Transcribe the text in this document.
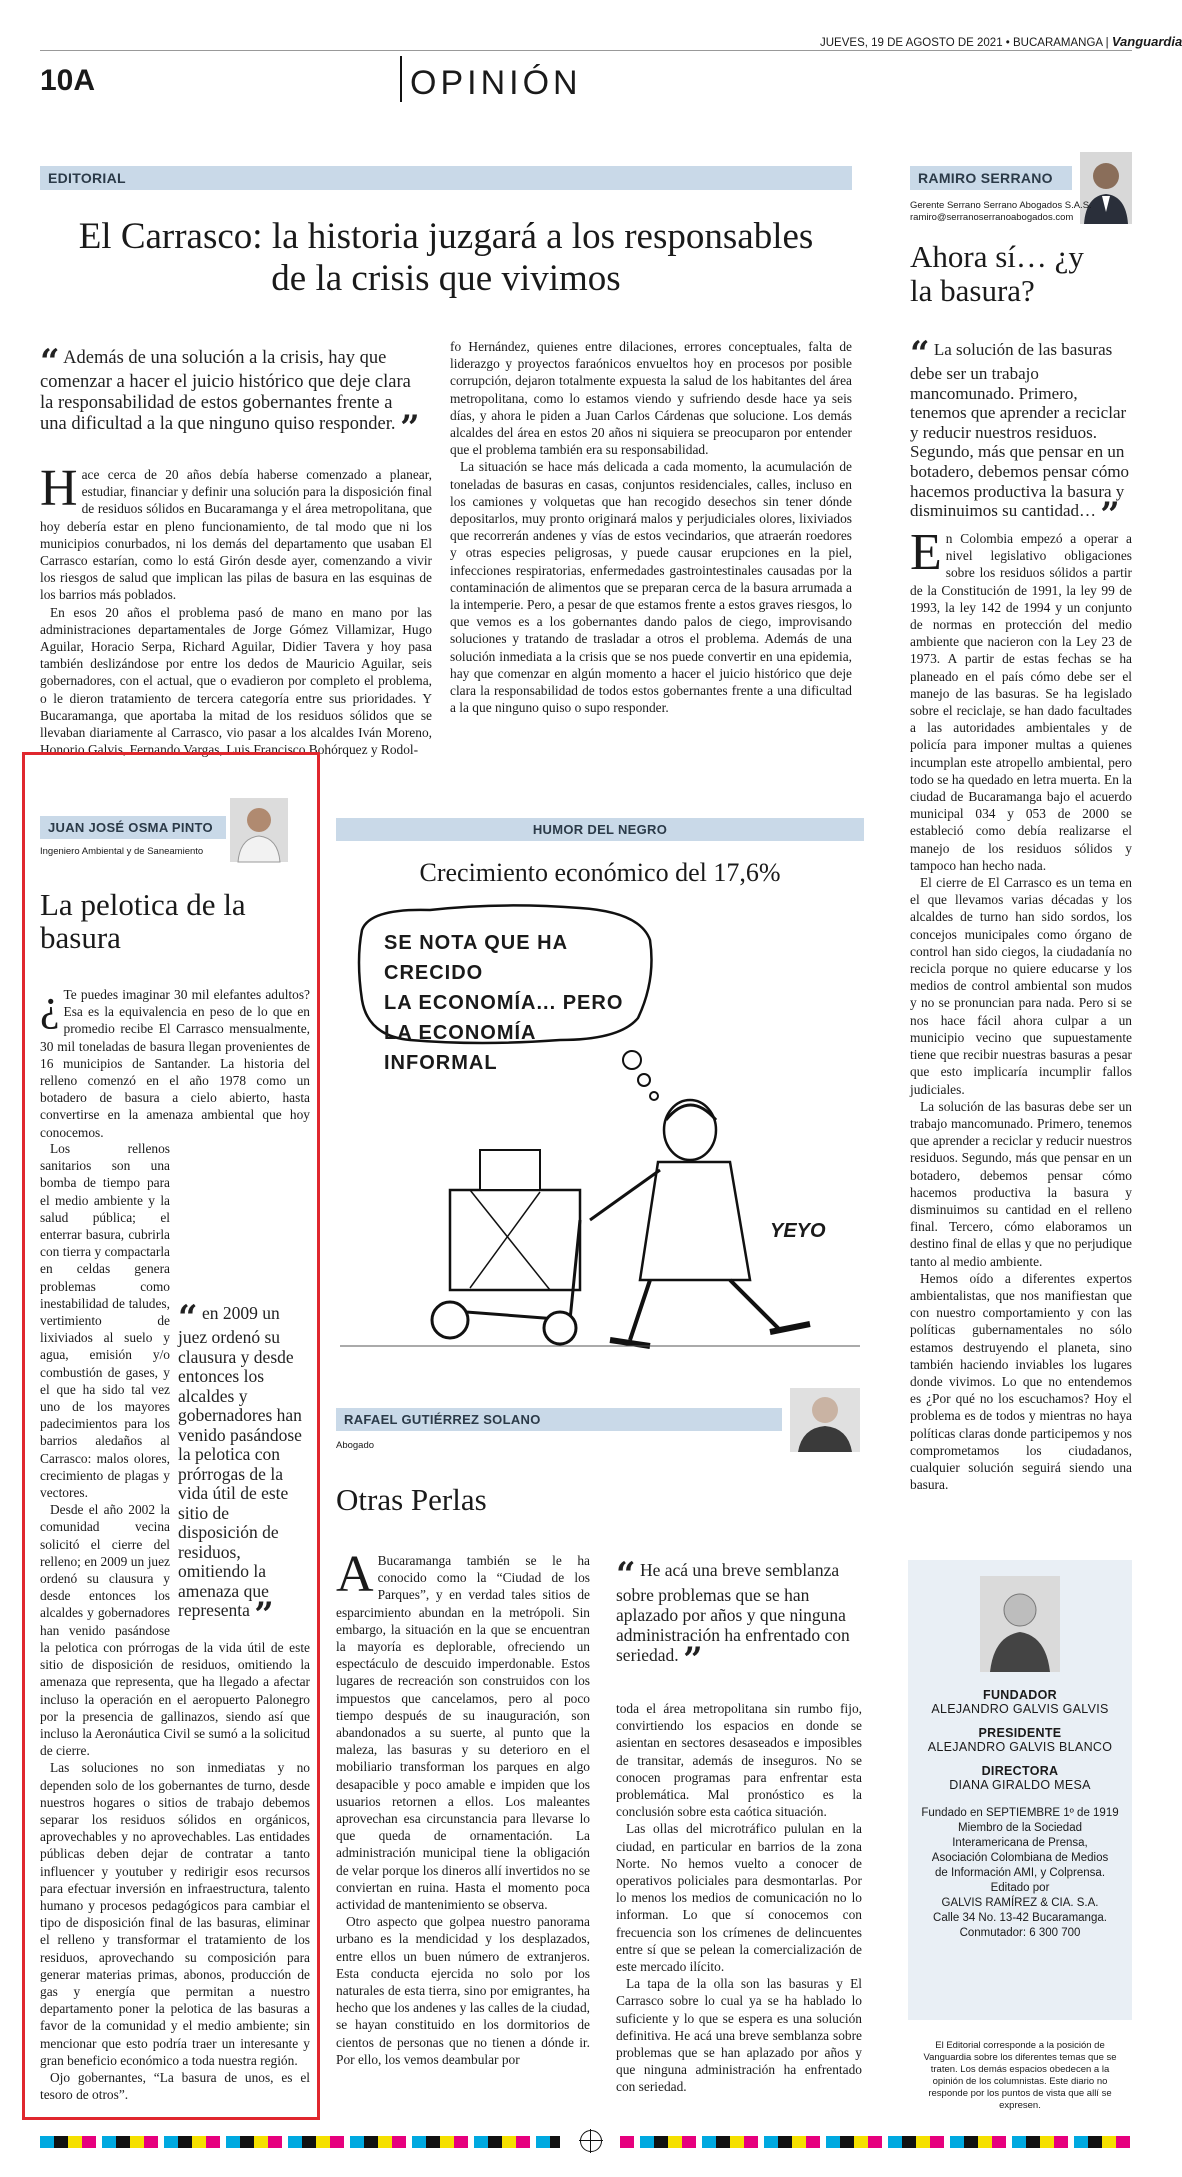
10A	OPINIÓN
JUEVES, 19 DE AGOSTO DE 2021 • BUCARAMANGA | Vanguardia
EDITORIAL
El Carrasco: la historia juzgará a los responsables
de la crisis que vivimos
“ Además de una solución a la crisis, hay que comenzar a hacer el juicio histórico que deje clara la responsabilidad de estos gobernantes frente a una dificultad a la que ninguno quiso responder. ”
H ace cerca de 20 años debía haberse comenzado a planear, estudiar, financiar y definir una solución para la disposición final de residuos sólidos en Bucaramanga y el área metropolitana, que hoy debería estar en pleno funcionamiento, de tal modo que ni los municipios conurbados, ni los demás del departamento que usaban El Carrasco estarían, como lo está Girón desde ayer, comenzando a vivir los riesgos de salud que implican las pilas de basura en las esquinas de los barrios más poblados.

En esos 20 años el problema pasó de mano en mano por las administraciones departamentales de Jorge Gómez Villamizar, Hugo Aguilar, Horacio Serpa, Richard Aguilar, Didier Tavera y hoy pasa también deslizándose por entre los dedos de Mauricio Aguilar, seis gobernadores, con el actual, que o evadieron por completo el problema, o le dieron tratamiento de tercera categoría entre sus prioridades. Y Bucaramanga, que aportaba la mitad de los residuos sólidos que se llevaban diariamente al Carrasco, vio pasar a los alcaldes Iván Moreno, Honorio Galvis, Fernando Vargas, Luis Francisco Bohórquez y Rodol-

fo Hernández, quienes entre dilaciones, errores conceptuales, falta de liderazgo y proyectos faraónicos envueltos hoy en procesos por posible corrupción, dejaron totalmente expuesta la salud de los habitantes del área metropolitana, como lo estamos viendo y sufriendo desde hace ya seis días, y ahora le piden a Juan Carlos Cárdenas que solucione. Los demás alcaldes del área en estos 20 años ni siquiera se preocuparon por entender que el problema también era su responsabilidad.

La situación se hace más delicada a cada momento, la acumulación de toneladas de basuras en casas, conjuntos residenciales, calles, incluso en los camiones y volquetas que han recogido desechos sin tener dónde depositarlos, muy pronto originará malos y perjudiciales olores, lixiviados que recorrerán andenes y vías de estos vecindarios, que atraerán roedores y otras especies peligrosas, y puede causar erupciones en la piel, infecciones respiratorias, enfermedades gastrointestinales causadas por la contaminación de alimentos que se preparan cerca de la basura arrumada a la intemperie. Pero, a pesar de que estamos frente a estos graves riesgos, lo que vemos es a los gobernantes dando palos de ciego, improvisando soluciones y tratando de trasladar a otros el problema. Además de una solución inmediata a la crisis que se nos puede convertir en una epidemia, hay que comenzar en algún momento a hacer el juicio histórico que deje clara la responsabilidad de todos estos gobernantes frente a una dificultad a la que ninguno quiso o supo responder.

RAMIRO SERRANO
Gerente Serrano Serrano Abogados S.A.S.
ramiro@serranoserranoabogados.com
Ahora sí… ¿y la basura?
“ La solución de las basuras debe ser un trabajo mancomunado. Primero, tenemos que aprender a reciclar y reducir nuestros residuos. Segundo, más que pensar en un botadero, debemos pensar cómo hacemos productiva la basura y disminuimos su cantidad… ”
E n Colombia empezó a operar a nivel legislativo obligaciones sobre los residuos sólidos a partir de la Constitución de 1991, la ley 99 de 1993, la ley 142 de 1994 y un conjunto de normas en protección del medio ambiente que nacieron con la Ley 23 de 1973. A partir de estas fechas se ha planeado en el país cómo debe ser el manejo de las basuras. Se ha legislado sobre el reciclaje, se han dado facultades a las autoridades ambientales y de policía para imponer multas a quienes incumplan este atropello ambiental, pero todo se ha quedado en letra muerta. En la ciudad de Bucaramanga bajo el acuerdo municipal 034 y 053 de 2000 se estableció como debía realizarse el manejo de los residuos sólidos y tampoco han hecho nada.

El cierre de El Carrasco es un tema en el que llevamos varias décadas y los alcaldes de turno han sido sordos, los concejos municipales como órgano de control han sido ciegos, la ciudadanía no recicla porque no quiere educarse y los medios de control ambiental son mudos y no se pronuncian para nada. Pero si se nos hace fácil ahora culpar a un municipio vecino que supuestamente tiene que recibir nuestras basuras a pesar que esto implicaría incumplir fallos judiciales.

La solución de las basuras debe ser un trabajo mancomunado. Primero, tenemos que aprender a reciclar y reducir nuestros residuos. Segundo, más que pensar en un botadero, debemos pensar cómo hacemos productiva la basura y disminuimos su cantidad en el relleno final. Tercero, cómo elaboramos un destino final de ellas y que no perjudique tanto al medio ambiente.

Hemos oído a diferentes expertos ambientalistas, que nos manifiestan que con nuestro comportamiento y con las políticas gubernamentales no sólo estamos destruyendo el planeta, sino también haciendo inviables los lugares donde vivimos. Lo que no entendemos es ¿Por qué no los escuchamos? Hoy el problema es de todos y mientras no haya políticas claras donde participemos y nos comprometamos los ciudadanos, cualquier solución seguirá siendo una basura.

JUAN JOSÉ OSMA PINTO
Ingeniero Ambiental y de Saneamiento
La pelotica de la
basura
¿ Te puedes imaginar 30 mil elefantes adultos? Esa es la equivalencia en peso de lo que en promedio recibe El Carrasco mensualmente, 30 mil toneladas de basura llegan provenientes de 16 municipios de Santander. La historia del relleno comenzó en el año 1978 como un botadero de basura a cielo abierto, hasta convertirse en la amenaza ambiental que hoy conocemos.

“ en 2009 un juez ordenó su clausura y desde entonces los alcaldes y gobernadores han venido pasándose la pelotica con prórrogas de la vida útil de este sitio de disposición de residuos, omitiendo la amenaza que representa ”

Los rellenos sanitarios son una bomba de tiempo para el medio ambiente y la salud pública; el enterrar basura, cubrirla con tierra y compactarla en celdas genera problemas como inestabilidad de taludes, vertimiento de lixiviados al suelo y agua, emisión y/o combustión de gases, y el que ha sido tal vez uno de los mayores padecimientos para los barrios aledaños al Carrasco: malos olores, crecimiento de plagas y vectores.

Desde el año 2002 la comunidad vecina solicitó el cierre del relleno; en 2009 un juez ordenó su clausura y desde entonces los alcaldes y gobernadores han venido pasándose la pelotica con prórrogas de la vida útil de este sitio de disposición de residuos, omitiendo la amenaza que representa, que ha llegado a afectar incluso la operación en el aeropuerto Palonegro por la presencia de gallinazos, siendo así que incluso la Aeronáutica Civil se sumó a la solicitud de cierre.

Las soluciones no son inmediatas y no dependen solo de los gobernantes de turno, desde nuestros hogares o sitios de trabajo debemos separar los residuos sólidos en orgánicos, aprovechables y no aprovechables. Las entidades públicas deben dejar de contratar a tanto influencer y youtuber y redirigir esos recursos para efectuar inversión en infraestructura, talento humano y procesos pedagógicos para cambiar el tipo de disposición final de las basuras, eliminar el relleno y transformar el tratamiento de los residuos, aprovechando su composición para generar materias primas, abonos, producción de gas y energía que permitan a nuestro departamento poner la pelotica de las basuras a favor de la comunidad y el medio ambiente; sin mencionar que esto podría traer un interesante y gran beneficio económico a toda nuestra región.

Ojo gobernantes, “La basura de unos, es el tesoro de otros”.

HUMOR DEL NEGRO
Crecimiento económico del 17,6%
SE NOTA QUE HA CRECIDO
LA ECONOMÍA... PERO
LA ECONOMÍA INFORMAL
YEYO
RAFAEL GUTIÉRREZ SOLANO
Abogado
Otras Perlas
A Bucaramanga también se le ha conocido como la “Ciudad de los Parques”, y en verdad tales sitios de esparcimiento abundan en la metrópoli. Sin embargo, la situación en la que se encuentran la mayoría es deplorable, ofreciendo un espectáculo de descuido imperdonable. Estos lugares de recreación son construidos con los impuestos que cancelamos, pero al poco tiempo después de su inauguración, son abandonados a su suerte, al punto que la maleza, las basuras y su deterioro en el mobiliario transforman los parques en algo desapacible y poco amable e impiden que los usuarios retornen a ellos. Los maleantes aprovechan esa circunstancia para llevarse lo que queda de ornamentación. La administración municipal tiene la obligación de velar porque los dineros allí invertidos no se conviertan en ruina. Hasta el momento poca actividad de mantenimiento se observa.

Otro aspecto que golpea nuestro panorama urbano es la mendicidad y los desplazados, entre ellos un buen número de extranjeros. Esta conducta ejercida no solo por los naturales de esta tierra, sino por emigrantes, ha hecho que los andenes y las calles de la ciudad, se hayan constituido en los dormitorios de cientos de personas que no tienen a dónde ir. Por ello, los vemos deambular por

“ He acá una breve semblanza sobre problemas que se han aplazado por años y que ninguna administración ha enfrentado con seriedad. ”

toda el área metropolitana sin rumbo fijo, convirtiendo los espacios en donde se asientan en sectores desaseados e imposibles de transitar, además de inseguros. No se conocen programas para enfrentar esta problemática. Mal pronóstico es la conclusión sobre esta caótica situación.

Las ollas del microtráfico pululan en la ciudad, en particular en barrios de la zona Norte. No hemos vuelto a conocer de operativos policiales para desmontarlas. Por lo menos los medios de comunicación no lo informan. Lo que sí conocemos con frecuencia son los crímenes de delincuentes entre sí que se pelean la comercialización de este mercado ilícito.

La tapa de la olla son las basuras y El Carrasco sobre lo cual ya se ha hablado lo suficiente y lo que se espera es una solución definitiva. He acá una breve semblanza sobre problemas que se han aplazado por años y que ninguna administración ha enfrentado con seriedad.

FUNDADOR
ALEJANDRO GALVIS GALVIS
PRESIDENTE
ALEJANDRO GALVIS BLANCO
DIRECTORA
DIANA GIRALDO MESA
Fundado en SEPTIEMBRE 1º de 1919
Miembro de la Sociedad
Interamericana de Prensa,
Asociación Colombiana de Medios
de Información AMI, y Colprensa.
Editado por
GALVIS RAMÍREZ & CIA. S.A.
Calle 34 No. 13-42 Bucaramanga.
Conmutador: 6 300 700
El Editorial corresponde a la posición de Vanguardia sobre los diferentes temas que se traten. Los demás espacios obedecen a la opinión de los columnistas. Este diario no responde por los puntos de vista que allí se expresen.
